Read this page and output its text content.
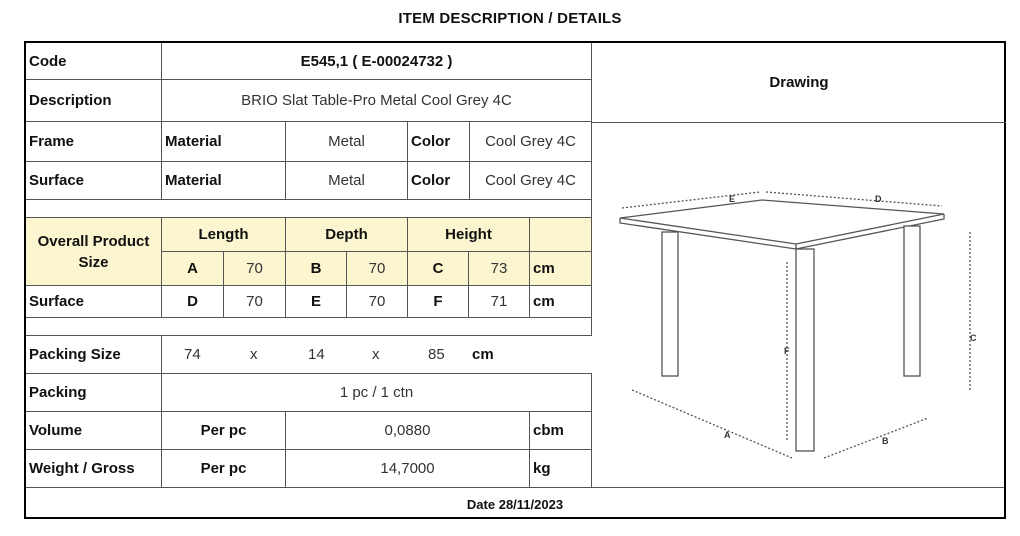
ITEM DESCRIPTION / DETAILS
Code	E545,1 ( E-00024732 )
Description	BRIO Slat Table-Pro Metal Cool Grey 4C
Drawing
Frame	Material	Metal	Color	Cool Grey 4C
Surface	Material	Metal	Color	Cool Grey 4C
Overall Product Size
Length	Depth	Height
A	70	B	70	C	73	cm
Surface	D	70	E	70	F	71	cm
Packing Size	74	x	14	x	85 cm
Packing	1 pc / 1 ctn
Volume	Per pc	0,0880	cbm
Weight / Gross	Per pc	14,7000	kg
A
B
C
D
E
F
Date 28/11/2023
